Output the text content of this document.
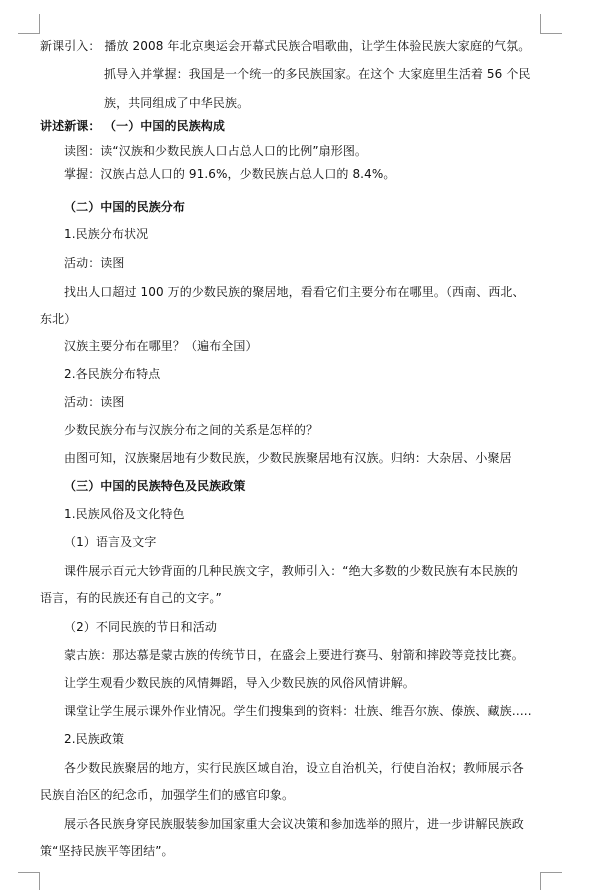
新课引入： 播放 2008 年北京奥运会开幕式民族合唱歌曲，让学生体验民族大家庭的气氛。
抓导入并掌握：我国是一个统一的多民族国家。在这个 大家庭里生活着 56 个民
族，共同组成了中华民族。
讲述新课： （一）中国的民族构成
读图：读“汉族和少数民族人口占总人口的比例”扇形图。
掌握：汉族占总人口的 91.6%，少数民族占总人口的 8.4%。
（二）中国的民族分布
1.民族分布状况
活动：读图
找出人口超过 100 万的少数民族的聚居地，看看它们主要分布在哪里。（西南、西北、
东北）
汉族主要分布在哪里？（遍布全国）
2.各民族分布特点
活动：读图
少数民族分布与汉族分布之间的关系是怎样的？
由图可知，汉族聚居地有少数民族，少数民族聚居地有汉族。归纳：大杂居、小聚居
（三）中国的民族特色及民族政策
1.民族风俗及文化特色
（1）语言及文字
课件展示百元大钞背面的几种民族文字，教师引入：“绝大多数的少数民族有本民族的
语言，有的民族还有自己的文字。”
（2）不同民族的节日和活动
蒙古族：那达慕是蒙古族的传统节日，在盛会上要进行赛马、射箭和摔跤等竞技比赛。
让学生观看少数民族的风情舞蹈，导入少数民族的风俗风情讲解。
课堂让学生展示课外作业情况。学生们搜集到的资料：壮族、维吾尔族、傣族、藏族…..
2.民族政策
各少数民族聚居的地方，实行民族区域自治，设立自治机关，行使自治权；教师展示各
民族自治区的纪念币，加强学生们的感官印象。
展示各民族身穿民族服装参加国家重大会议决策和参加选举的照片，进一步讲解民族政
策“坚持民族平等团结”。
